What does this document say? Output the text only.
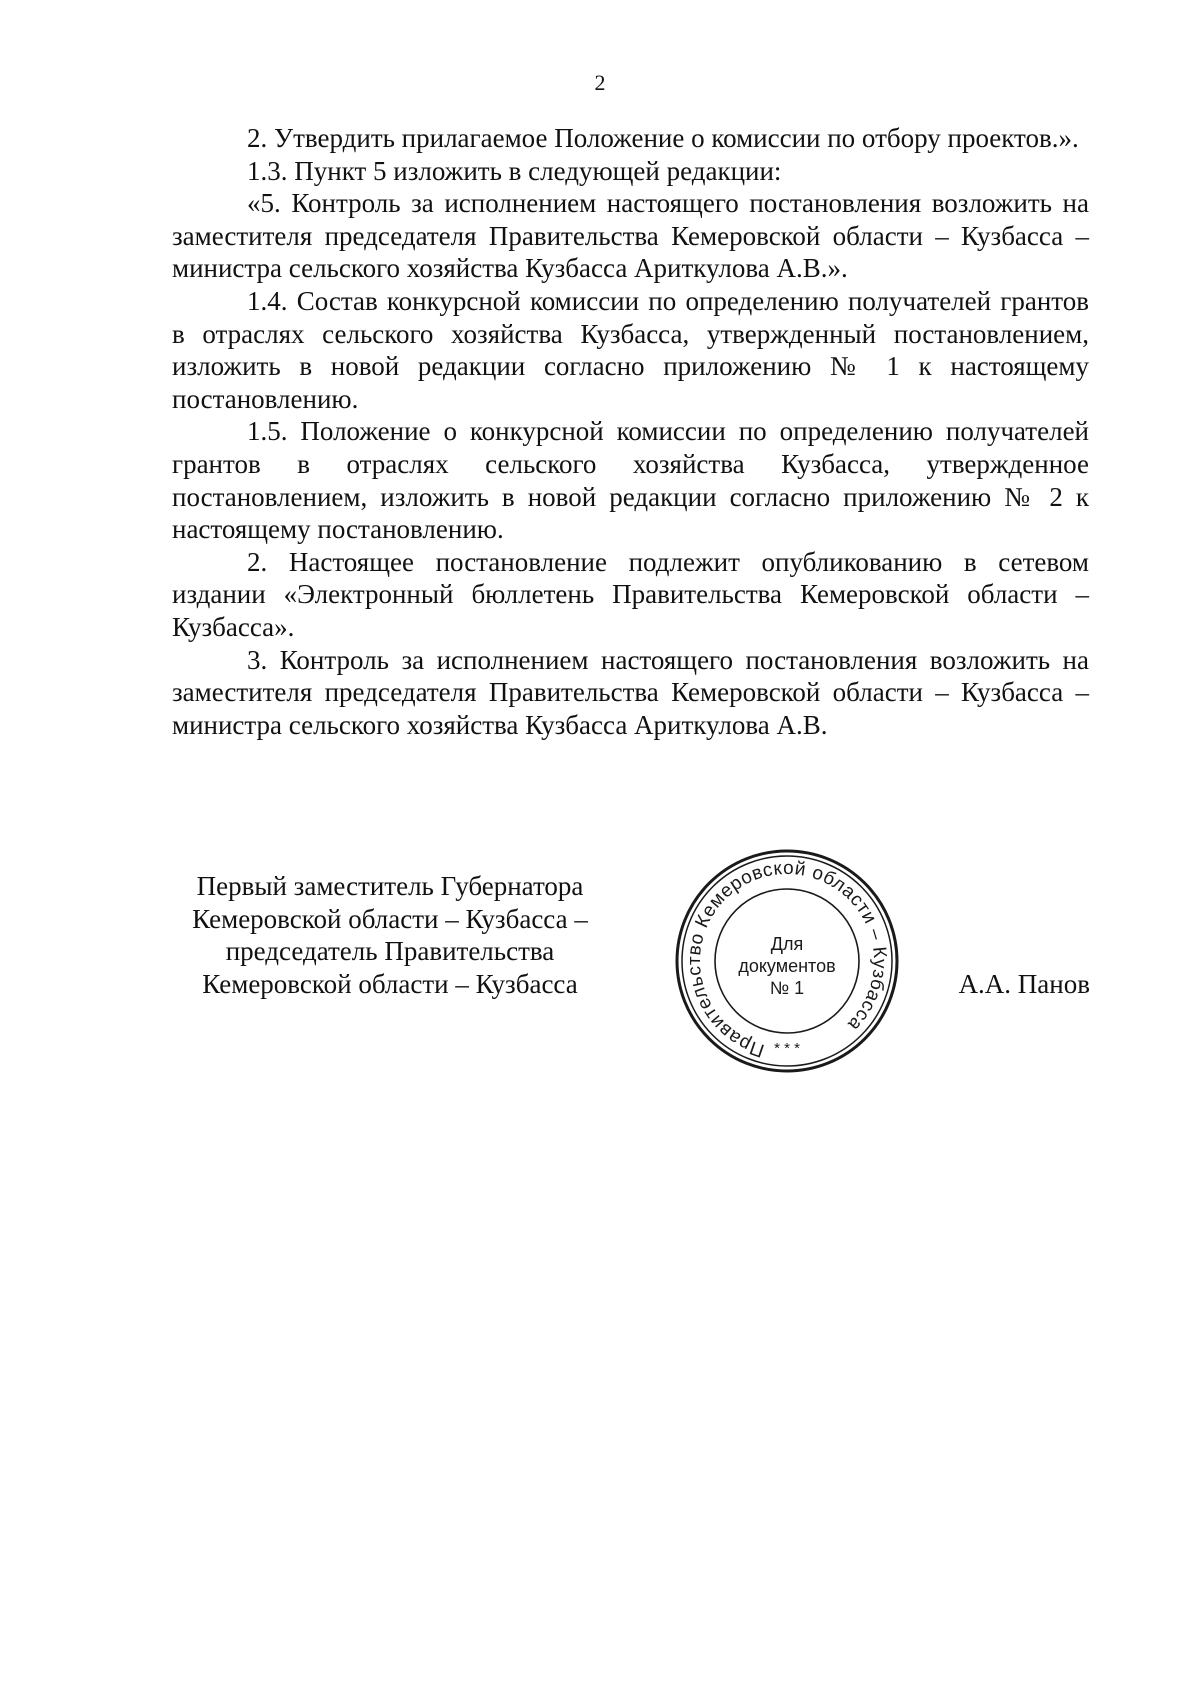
2

2. Утвердить прилагаемое Положение о комиссии по отбору проектов.».

1.3. Пункт 5 изложить в следующей редакции:

«5. Контроль за исполнением настоящего постановления возложить на заместителя председателя Правительства Кемеровской области – Кузбасса – министра сельского хозяйства Кузбасса Ариткулова А.В.».

1.4. Состав конкурсной комиссии по определению получателей грантов в отраслях сельского хозяйства Кузбасса, утвержденный постановлением, изложить в новой редакции согласно приложению № 1 к настоящему постановлению.

1.5. Положение о конкурсной комиссии по определению получателей грантов в отраслях сельского хозяйства Кузбасса, утвержденное постановлением, изложить в новой редакции согласно приложению № 2 к настоящему постановлению.

2. Настоящее постановление подлежит опубликованию в сетевом издании «Электронный бюллетень Правительства Кемеровской области – Кузбасса».

3. Контроль за исполнением настоящего постановления возложить на заместителя председателя Правительства Кемеровской области – Кузбасса – министра сельского хозяйства Кузбасса Ариткулова А.В.

Первый заместитель Губернатора
Кемеровской области – Кузбасса –
председатель Правительства
Кемеровской области – Кузбасса
Правительство Кемеровской области – Кузбасса
Для
документов
№ 1
* * *
А.А. Панов
